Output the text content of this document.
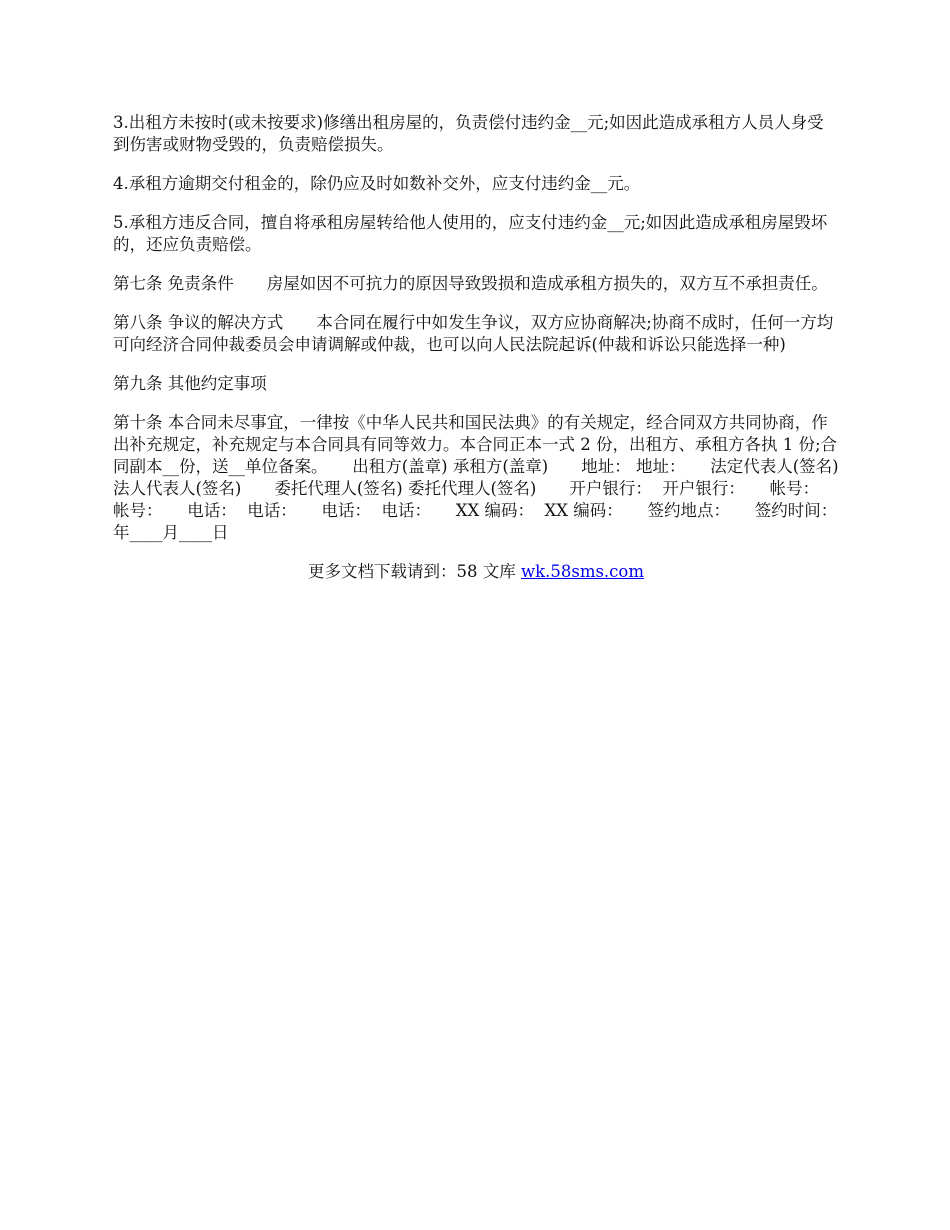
3.出租方未按时(或未按要求)修缮出租房屋的，负责偿付违约金__元;如因此造成承租方人员人身受到伤害或财物受毁的，负责赔偿损失。

4.承租方逾期交付租金的，除仍应及时如数补交外，应支付违约金__元。

5.承租方违反合同，擅自将承租房屋转给他人使用的，应支付违约金__元;如因此造成承租房屋毁坏的，还应负责赔偿。

第七条 免责条件　　房屋如因不可抗力的原因导致毁损和造成承租方损失的，双方互不承担责任。

第八条 争议的解决方式　　本合同在履行中如发生争议，双方应协商解决;协商不成时，任何一方均可向经济合同仲裁委员会申请调解或仲裁，也可以向人民法院起诉(仲裁和诉讼只能选择一种)

第九条 其他约定事项

第十条 本合同未尽事宜，一律按《中华人民共和国民法典》的有关规定，经合同双方共同协商，作出补充规定，补充规定与本合同具有同等效力。本合同正本一式 2 份，出租方、承租方各执 1 份;合同副本__份，送__单位备案。　　出租方(盖章) 承租方(盖章)　　地址： 地址：　　法定代表人(签名) 法人代表人(签名)　　委托代理人(签名) 委托代理人(签名)　　开户银行：  开户银行：　　帐号：  帐号：　　电话：  电话：　　电话：  电话：　　XX 编码：  XX 编码：　　签约地点：　　签约时间：年____月____日

更多文档下载请到：58 文库 wk.58sms.com
